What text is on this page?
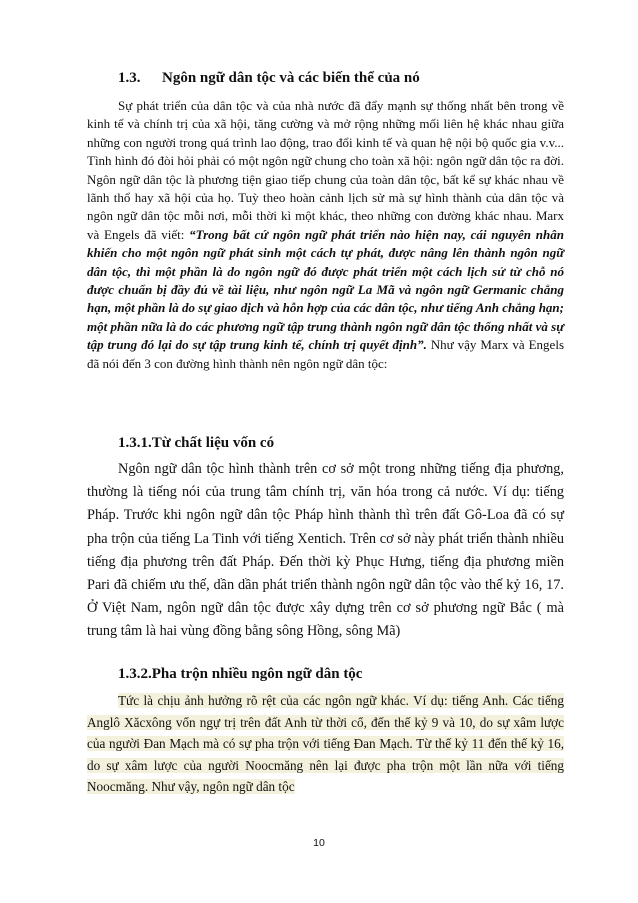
1.3. Ngôn ngữ dân tộc và các biến thể của nó

Sự phát triển của dân tộc và của nhà nước đã đẩy mạnh sự thống nhất bên trong về kinh tế và chính trị của xã hội, tăng cường và mở rộng những mối liên hệ khác nhau giữa những con người trong quá trình lao động, trao đổi kinh tế và quan hệ nội bộ quốc gia v.v... Tình hình đó đòi hỏi phải có một ngôn ngữ chung cho toàn xã hội: ngôn ngữ dân tộc ra đời. Ngôn ngữ dân tộc là phương tiện giao tiếp chung của toàn dân tộc, bất kể sự khác nhau về lãnh thổ hay xã hội của họ. Tuỳ theo hoàn cảnh lịch sử mà sự hình thành của dân tộc và ngôn ngữ dân tộc mỗi nơi, mỗi thời kì một khác, theo những con đường khác nhau. Marx và Engels đã viết: “Trong bất cứ ngôn ngữ phát triển nào hiện nay, cái nguyên nhân khiến cho một ngôn ngữ phát sinh một cách tự phát, được nâng lên thành ngôn ngữ dân tộc, thì một phần là do ngôn ngữ đó được phát triển một cách lịch sử từ chỗ nó được chuẩn bị đầy đủ về tài liệu, như ngôn ngữ La Mã và ngôn ngữ Germanic chẳng hạn, một phần là do sự giao dịch và hỗn hợp của các dân tộc, như tiếng Anh chẳng hạn; một phần nữa là do các phương ngữ tập trung thành ngôn ngữ dân tộc thống nhất và sự tập trung đó lại do sự tập trung kinh tế, chính trị quyết định”. Như vậy Marx và Engels đã nói đến 3 con đường hình thành nên ngôn ngữ dân tộc:

1.3.1.Từ chất liệu vốn có

Ngôn ngữ dân tộc hình thành trên cơ sở một trong những tiếng địa phương, thường là tiếng nói của trung tâm chính trị, văn hóa trong cả nước. Ví dụ: tiếng Pháp. Trước khi ngôn ngữ dân tộc Pháp hình thành thì trên đất Gô-Loa đã có sự pha trộn của tiếng La Tinh với tiếng Xentich. Trên cơ sở này phát triển thành nhiều tiếng địa phương trên đất Pháp. Đến thời kỳ Phục Hưng, tiếng địa phương miền Pari đã chiếm ưu thế, dần dần phát triển thành ngôn ngữ dân tộc vào thế kỷ 16, 17. Ở Việt Nam, ngôn ngữ dân tộc được xây dựng trên cơ sở phương ngữ Bắc ( mà trung tâm là hai vùng đồng bằng sông Hồng, sông Mã)

1.3.2.Pha trộn nhiều ngôn ngữ dân tộc

Tức là chịu ảnh hưởng rõ rệt của các ngôn ngữ khác. Ví dụ: tiếng Anh. Các tiếng Anglô Xăcxông vốn ngự trị trên đất Anh từ thời cổ, đến thế kỷ 9 và 10, do sự xâm lược của người Đan Mạch mà có sự pha trộn với tiếng Đan Mạch. Từ thế kỷ 11 đến thế kỷ 16, do sự xâm lược của người Noocmăng nên lại được pha trộn một lần nữa với tiếng Noocmăng. Như vậy, ngôn ngữ dân tộc

10
